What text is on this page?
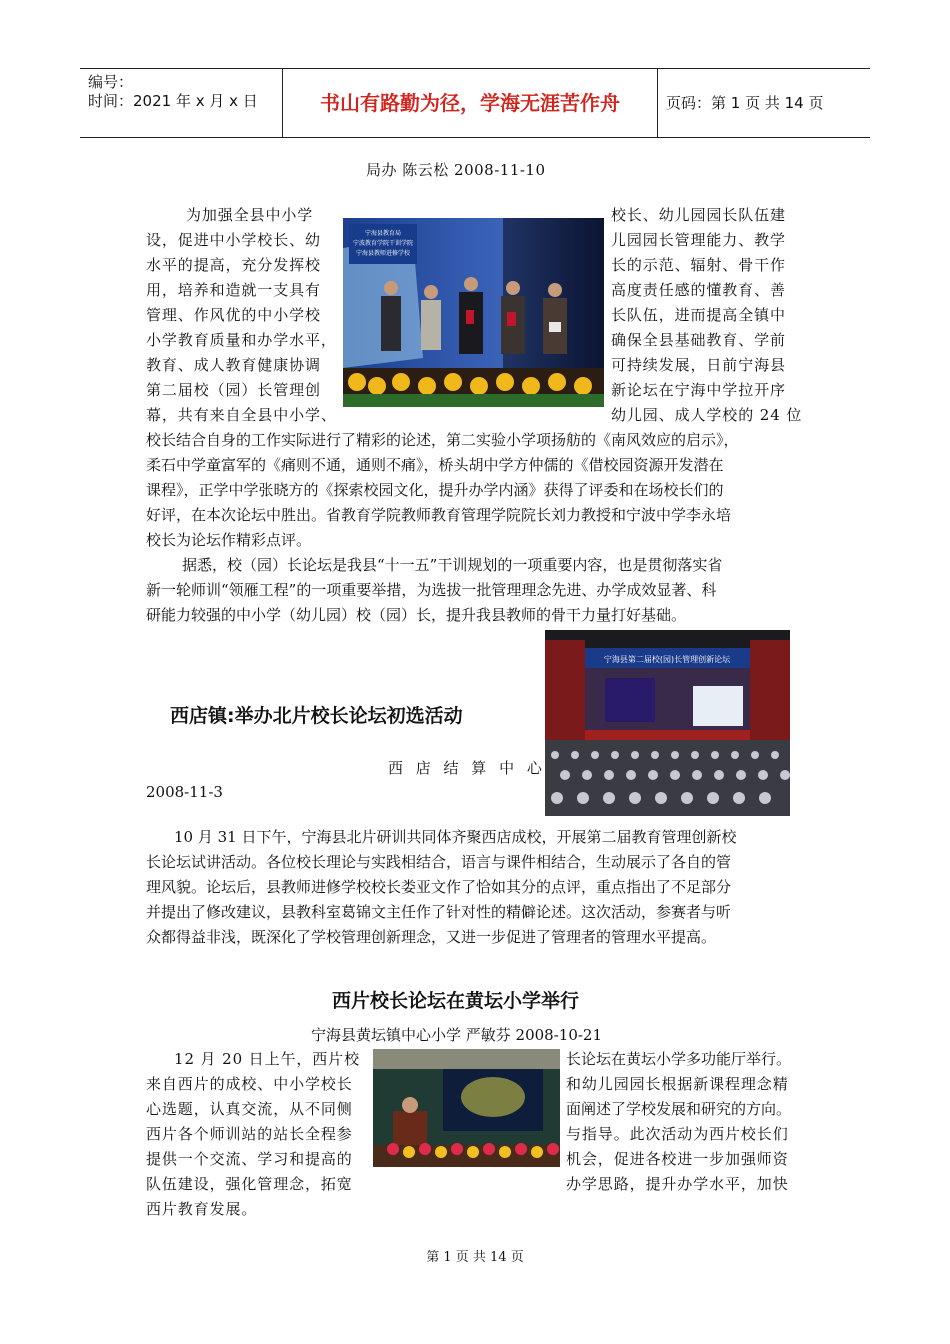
编号：
时间：2021 年 x 月 x 日	书山有路勤为径，学海无涯苦作舟	页码：第 1 页 共 14 页
局办 陈云松 2008-11-10
为加强全县中小学
设，促进中小学校长、幼
水平的提高，充分发挥校
用，培养和造就一支具有
管理、作风优的中小学校
小学教育质量和办学水平，
教育、成人教育健康协调
第二届校（园）长管理创
幕，共有来自全县中小学、
宁海县教育局
宁波教育学院干训学院
宁海县教师进修学校
校长、幼儿园园长队伍建
儿园园长管理能力、教学
长的示范、辐射、骨干作
高度责任感的懂教育、善
长队伍，进而提高全镇中
确保全县基础教育、学前
可持续发展，日前宁海县
新论坛在宁海中学拉开序
幼儿园、成人学校的 24 位
校长结合自身的工作实际进行了精彩的论述，第二实验小学项扬舫的《南风效应的启示》，
柔石中学童富军的《痛则不通，通则不痛》，桥头胡中学方仲儒的《借校园资源开发潜在
课程》，正学中学张晓方的《探索校园文化，提升办学内涵》获得了评委和在场校长们的
好评，在本次论坛中胜出。省教育学院教师教育管理学院院长刘力教授和宁波中学李永培
校长为论坛作精彩点评。
据悉，校（园）长论坛是我县“十一五”干训规划的一项重要内容，也是贯彻落实省
新一轮师训“领雁工程”的一项重要举措，为选拔一批管理理念先进、办学成效显著、科
研能力较强的中小学（幼儿园）校（园）长，提升我县教师的骨干力量打好基础。
宁海县第二届校(园)长管理创新论坛
西店镇:举办北片校长论坛初选活动
西 店 结 算 中 心
2008-11-3
10 月 31 日下午，宁海县北片研训共同体齐聚西店成校，开展第二届教育管理创新校
长论坛试讲活动。各位校长理论与实践相结合，语言与课件相结合，生动展示了各自的管
理风貌。论坛后，县教师进修学校校长娄亚文作了恰如其分的点评，重点指出了不足部分
并提出了修改建议，县教科室葛锦文主任作了针对性的精僻论述。这次活动，参赛者与听
众都得益非浅，既深化了学校管理创新理念，又进一步促进了管理者的管理水平提高。
西片校长论坛在黄坛小学举行
宁海县黄坛镇中心小学 严敏芬 2008-10-21
12 月 20 日上午，西片校
来自西片的成校、中小学校长
心选题，认真交流，从不同侧
西片各个师训站的站长全程参
提供一个交流、学习和提高的
队伍建设，强化管理念，拓宽
西片教育发展。
长论坛在黄坛小学多功能厅举行。
和幼儿园园长根据新课程理念精
面阐述了学校发展和研究的方向。
与指导。此次活动为西片校长们
机会，促进各校进一步加强师资
办学思路，提升办学水平，加快
第 1 页 共 14 页
